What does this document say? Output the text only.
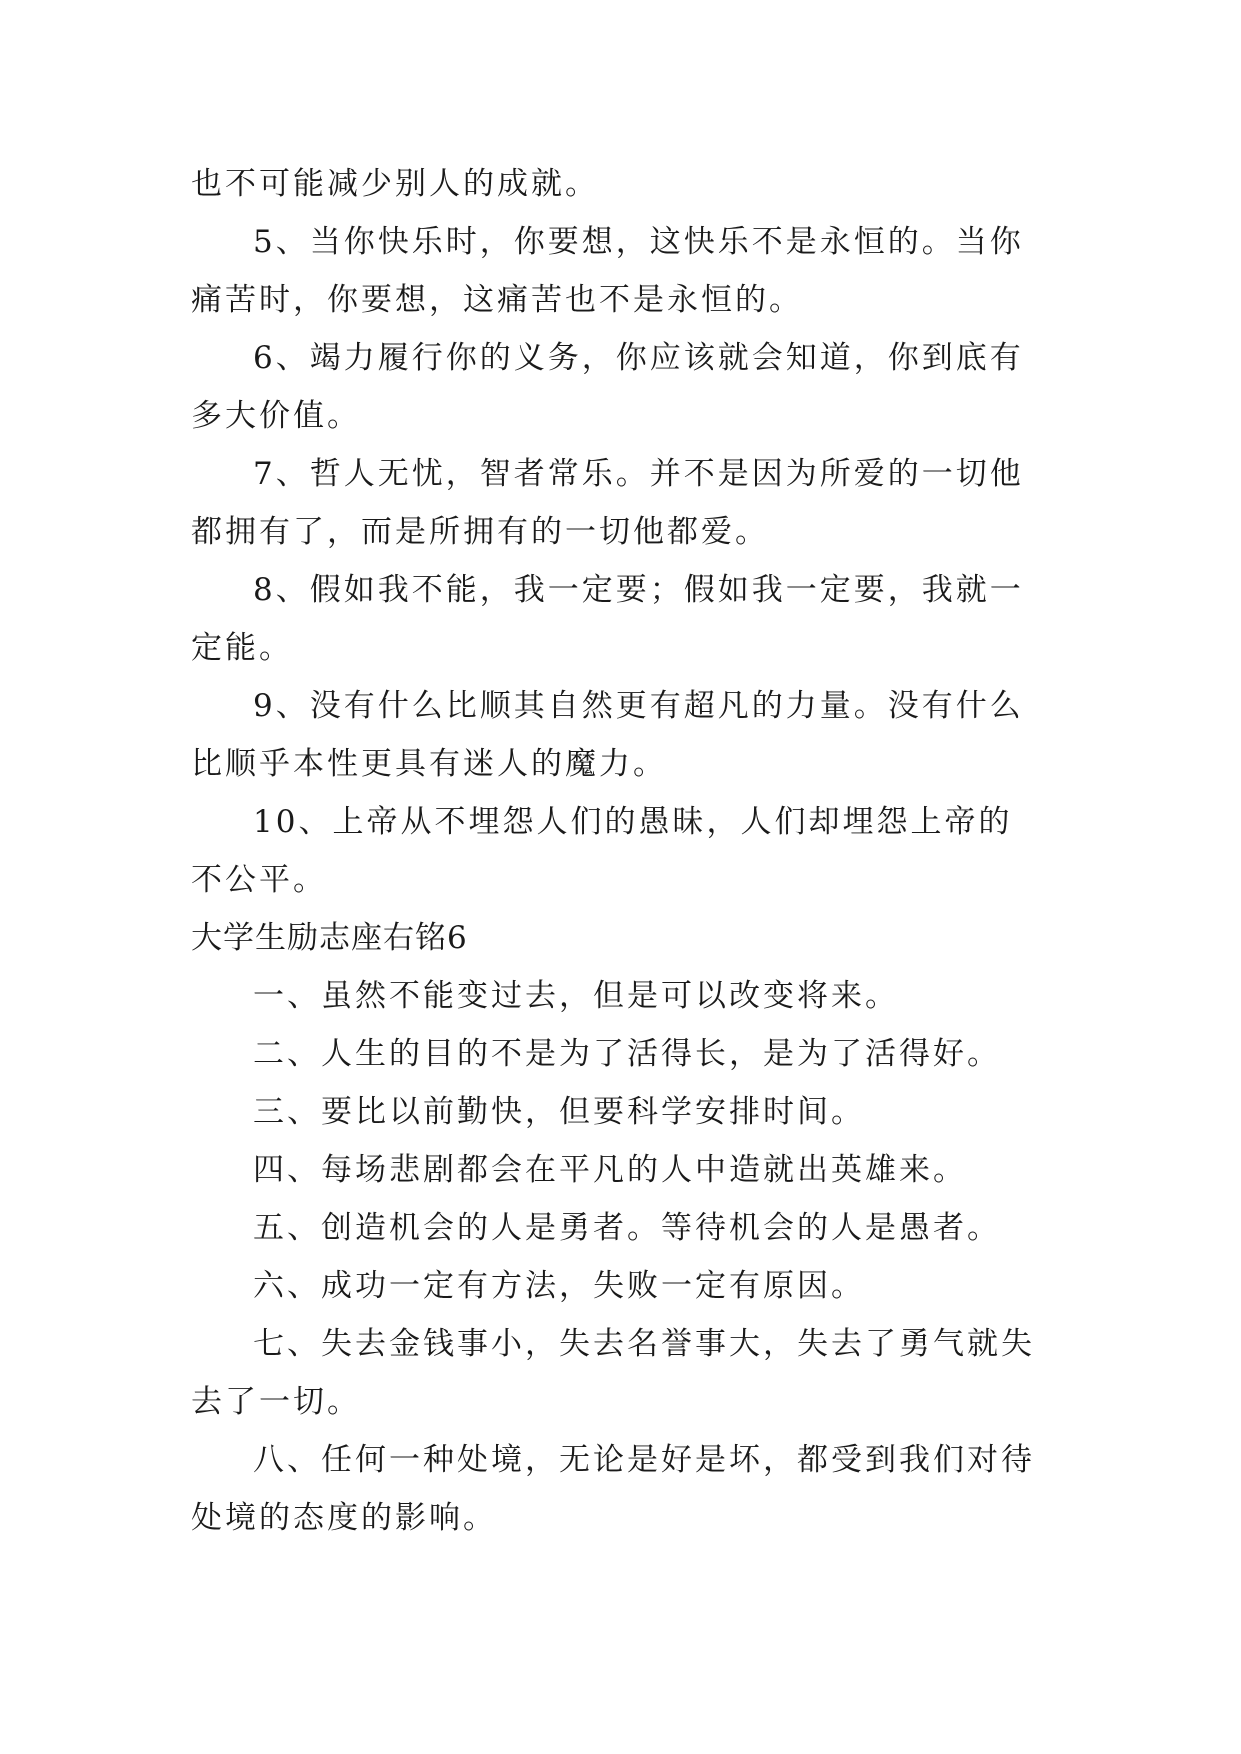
也不可能减少别人的成就。

5、当你快乐时，你要想，这快乐不是永恒的。当你痛苦时，你要想，这痛苦也不是永恒的。

6、竭力履行你的义务，你应该就会知道，你到底有多大价值。

7、哲人无忧，智者常乐。并不是因为所爱的一切他都拥有了，而是所拥有的一切他都爱。

8、假如我不能，我一定要；假如我一定要，我就一定能。

9、没有什么比顺其自然更有超凡的力量。没有什么比顺乎本性更具有迷人的魔力。

10、上帝从不埋怨人们的愚昧，人们却埋怨上帝的不公平。

大学生励志座右铭6

一、虽然不能变过去，但是可以改变将来。

二、人生的目的不是为了活得长，是为了活得好。

三、要比以前勤快，但要科学安排时间。

四、每场悲剧都会在平凡的人中造就出英雄来。

五、创造机会的人是勇者。等待机会的人是愚者。

六、成功一定有方法，失败一定有原因。

七、失去金钱事小，失去名誉事大，失去了勇气就失去了一切。

八、任何一种处境，无论是好是坏，都受到我们对待处境的态度的影响。
